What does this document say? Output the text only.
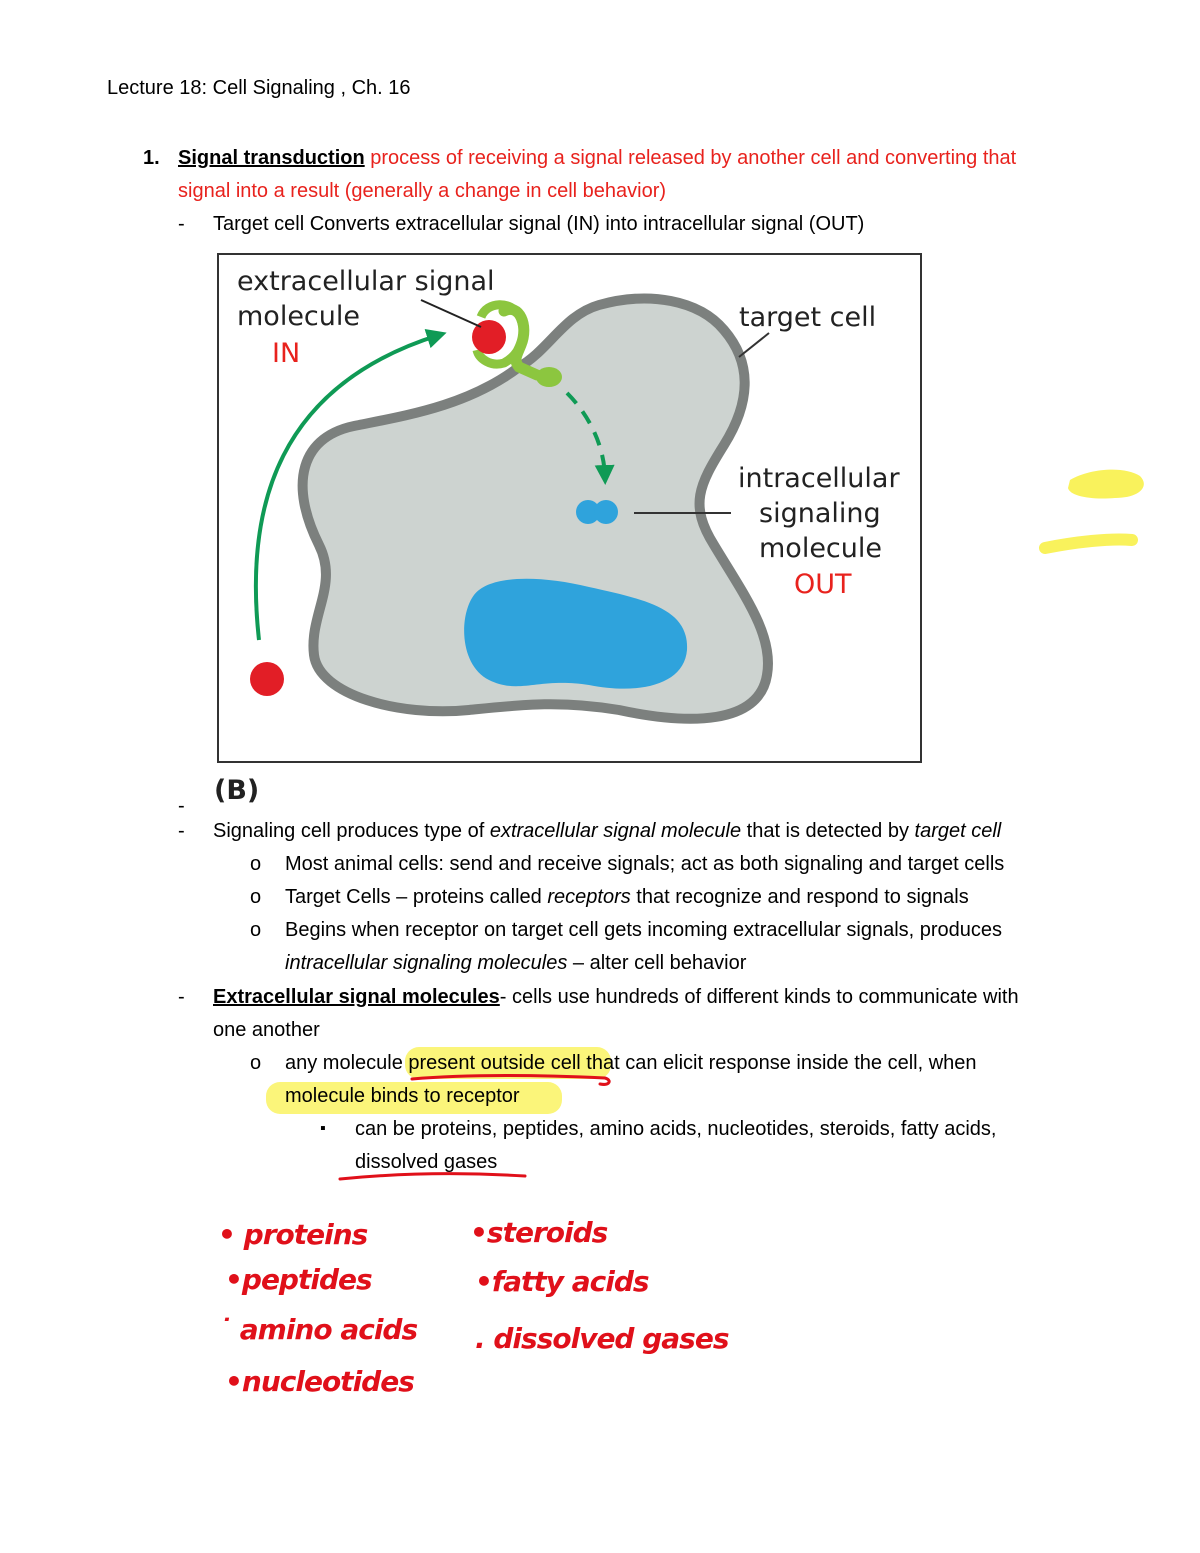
Lecture 18: Cell Signaling , Ch. 16
1. Signal transduction process of receiving a signal released by another cell and converting that
signal into a result (generally a change in cell behavior)
- Target cell Converts extracellular signal (IN) into intracellular signal (OUT)
extracellular signal
molecule
IN
target cell
intracellular
signaling
molecule
OUT
(B)
-
- Signaling cell produces type of extracellular signal molecule that is detected by target cell
o Most animal cells: send and receive signals; act as both signaling and target cells
o Target Cells – proteins called receptors that recognize and respond to signals
o Begins when receptor on target cell gets incoming extracellular signals, produces
intracellular signaling molecules – alter cell behavior
- Extracellular signal molecules- cells use hundreds of different kinds to communicate with
one another
o any molecule present outside cell that can elicit response inside the cell, when
molecule binds to receptor
▪ can be proteins, peptides, amino acids, nucleotides, steroids, fatty acids,
dissolved gases
• proteins
•peptides
˙ amino acids
•nucleotides
•steroids
•fatty acids
. dissolved gases
